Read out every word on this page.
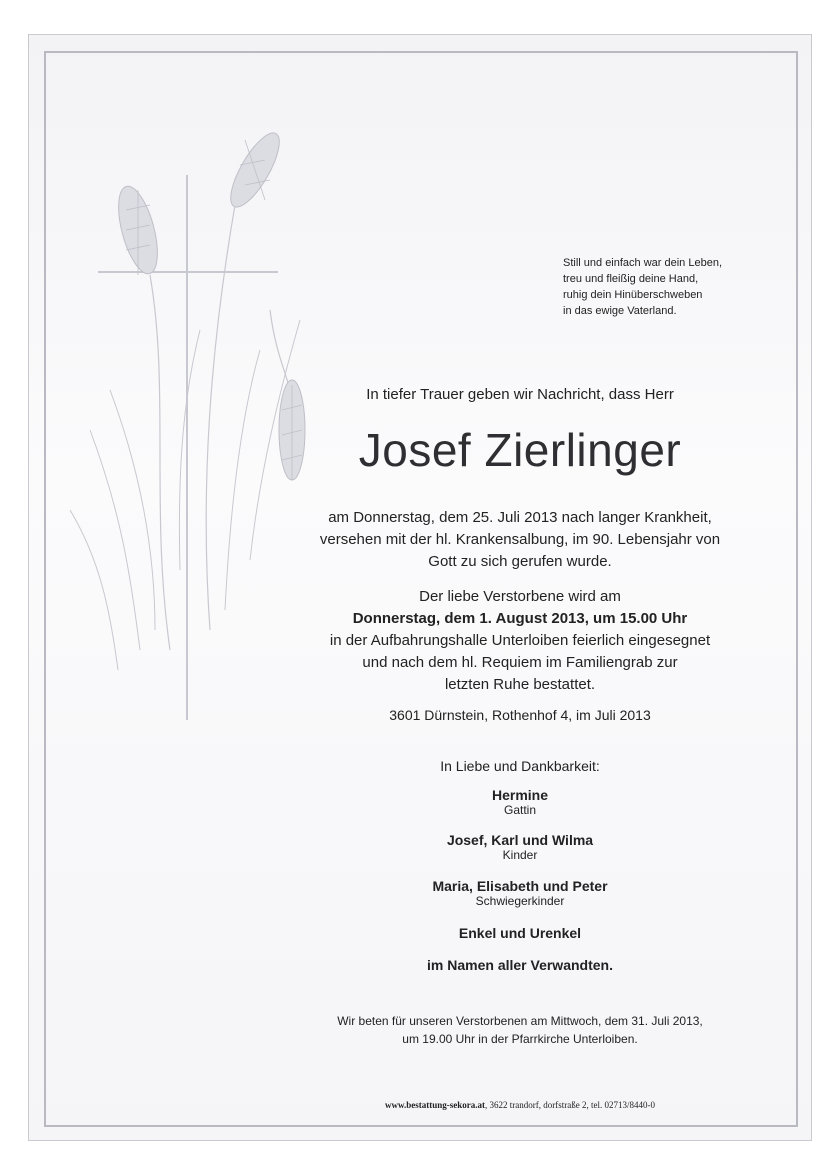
Still und einfach war dein Leben,
treu und fleißig deine Hand,
ruhig dein Hinüberschweben
in das ewige Vaterland.
In tiefer Trauer geben wir Nachricht, dass Herr
Josef Zierlinger
am Donnerstag, dem 25. Juli 2013 nach langer Krankheit,
versehen mit der hl. Krankensalbung, im 90. Lebensjahr von
Gott zu sich gerufen wurde.
Der liebe Verstorbene wird am
Donnerstag, dem 1. August 2013, um 15.00 Uhr
in der Aufbahrungshalle Unterloiben feierlich eingesegnet
und nach dem hl. Requiem im Familiengrab zur
letzten Ruhe bestattet.
3601 Dürnstein, Rothenhof 4, im Juli 2013
In Liebe und Dankbarkeit:
Hermine
Gattin
Josef, Karl und Wilma
Kinder
Maria, Elisabeth und Peter
Schwiegerkinder
Enkel und Urenkel
im Namen aller Verwandten.
Wir beten für unseren Verstorbenen am Mittwoch, dem 31. Juli 2013,
um 19.00 Uhr in der Pfarrkirche Unterloiben.
www.bestattung-sekora.at, 3622 trandorf, dorfstraße 2, tel. 02713/8440-0
